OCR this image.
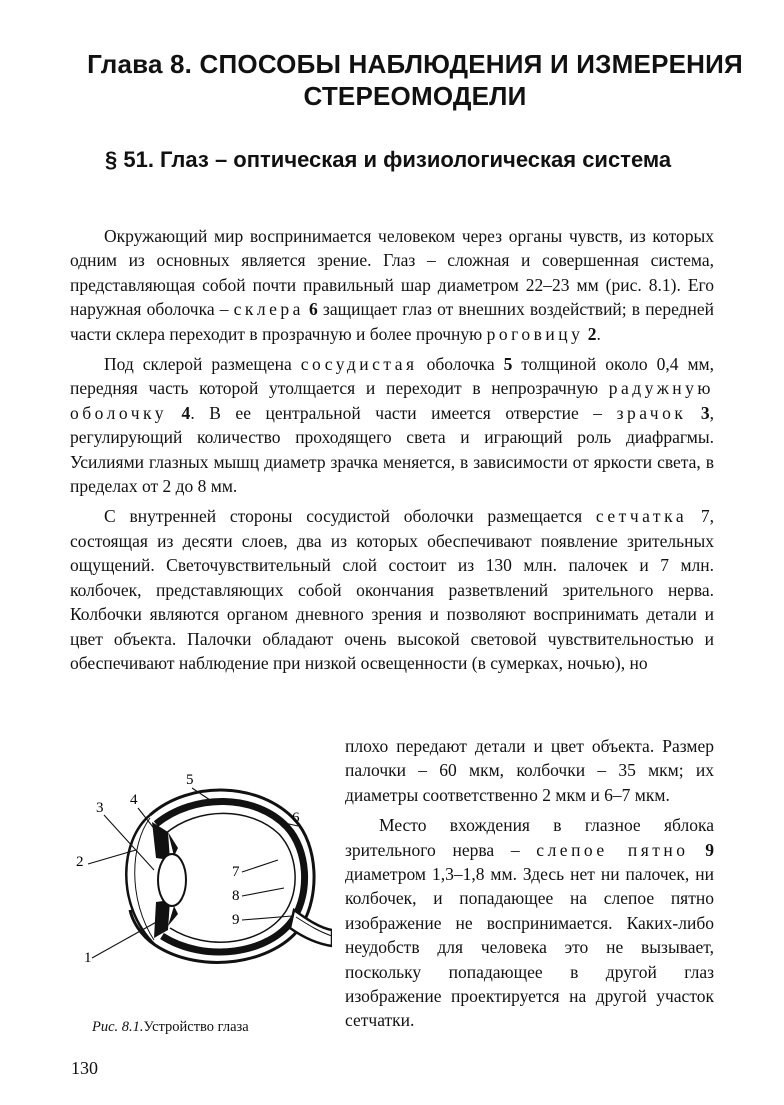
Глава 8. СПОСОБЫ НАБЛЮДЕНИЯ И ИЗМЕРЕНИЯ
СТЕРЕОМОДЕЛИ
§ 51. Глаз – оптическая и физиологическая система

Окружающий мир воспринимается человеком через органы чувств, из которых одним из основных является зрение. Глаз – сложная и совершенная система, представляющая собой почти правильный шар диаметром 22–23 мм (рис. 8.1). Его наружная оболочка – склера 6 защищает глаз от внешних воздействий; в передней части склера переходит в прозрачную и более прочную роговицу 2.

Под склерой размещена сосудистая оболочка 5 толщиной около 0,4 мм, передняя часть которой утолщается и переходит в непрозрачную радужную оболочку 4. В ее центральной части имеется отверстие – зрачок 3, регулирующий количество проходящего света и играющий роль диафрагмы. Усилиями глазных мышц диаметр зрачка меняется, в зависимости от яркости света, в пределах от 2 до 8 мм.

С внутренней стороны сосудистой оболочки размещается сетчатка 7, состоящая из десяти слоев, два из которых обеспечивают появление зрительных ощущений. Светочувствительный слой состоит из 130 млн. палочек и 7 млн. колбочек, представляющих собой окончания разветвлений зрительного нерва. Колбочки являются органом дневного зрения и позволяют воспринимать детали и цвет объекта. Палочки обладают очень высокой световой чувствительностью и обеспечивают наблюдение при низкой освещенности (в сумерках, ночью), но

плохо передают детали и цвет объекта. Размер палочки – 60 мкм, колбочки – 35 мкм; их диаметры соответственно 2 мкм и 6–7 мкм.

Место вхождения в глазное яблока зрительного нерва – слепое пятно 9 диаметром 1,3–1,8 мм. Здесь нет ни палочек, ни колбочек, и попадающее на слепое пятно изображение не воспринимается. Каких-либо неудобств для человека это не вызывает, поскольку попадающее в другой глаз изображение проектируется на другой участок сетчатки.

1
2
3 4
5
6
7
8
9
Рис. 8.1.Устройство глаза
130
